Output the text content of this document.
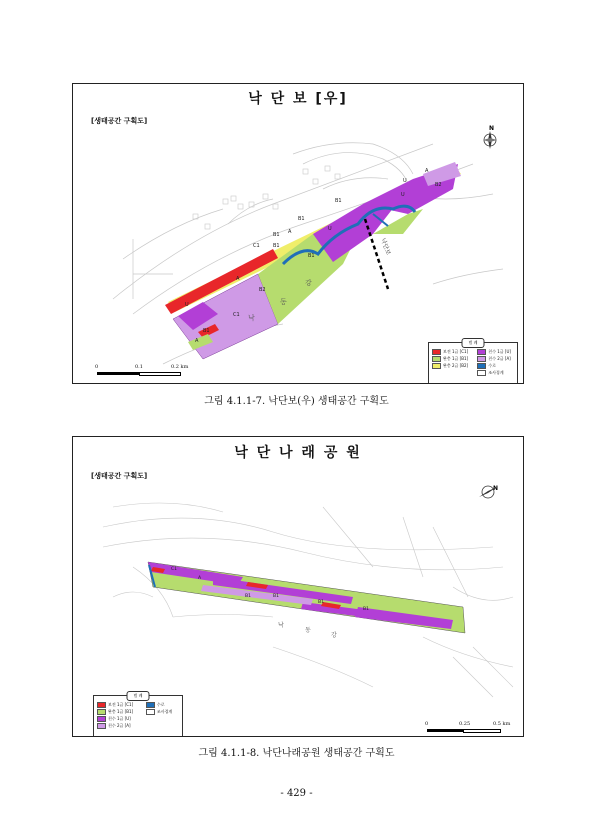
낙 단 보 [우]
[생태공간 구획도]
N
낙단보
낙
동
강
A
B2
U
U
B1
B1
B1
B1
B1
A	U
B2
A
U
C1
C1
B1
A	범 례
보전 1급 [C1]	친수 1급 [U]
완충 1급 [B1]	친수 2급 [A]
완충 2급 [B2]	수로
조사경계
0	0.1	0.2 km
그림 4.1.1-7. 낙단보(우) 생태공간 구획도
낙 단 나 래 공 원
[생태공간 구획도]
N
낙
동
강
C1
A
B1	B1
B1
B1
범 례
보전 1급 [C1]	수로
완충 1급 [B1]	조사경계
친수 1급 [U]
친수 2급 [A]	0	0.25	0.5 km
그림 4.1.1-8. 낙단나래공원 생태공간 구획도
- 429 -
